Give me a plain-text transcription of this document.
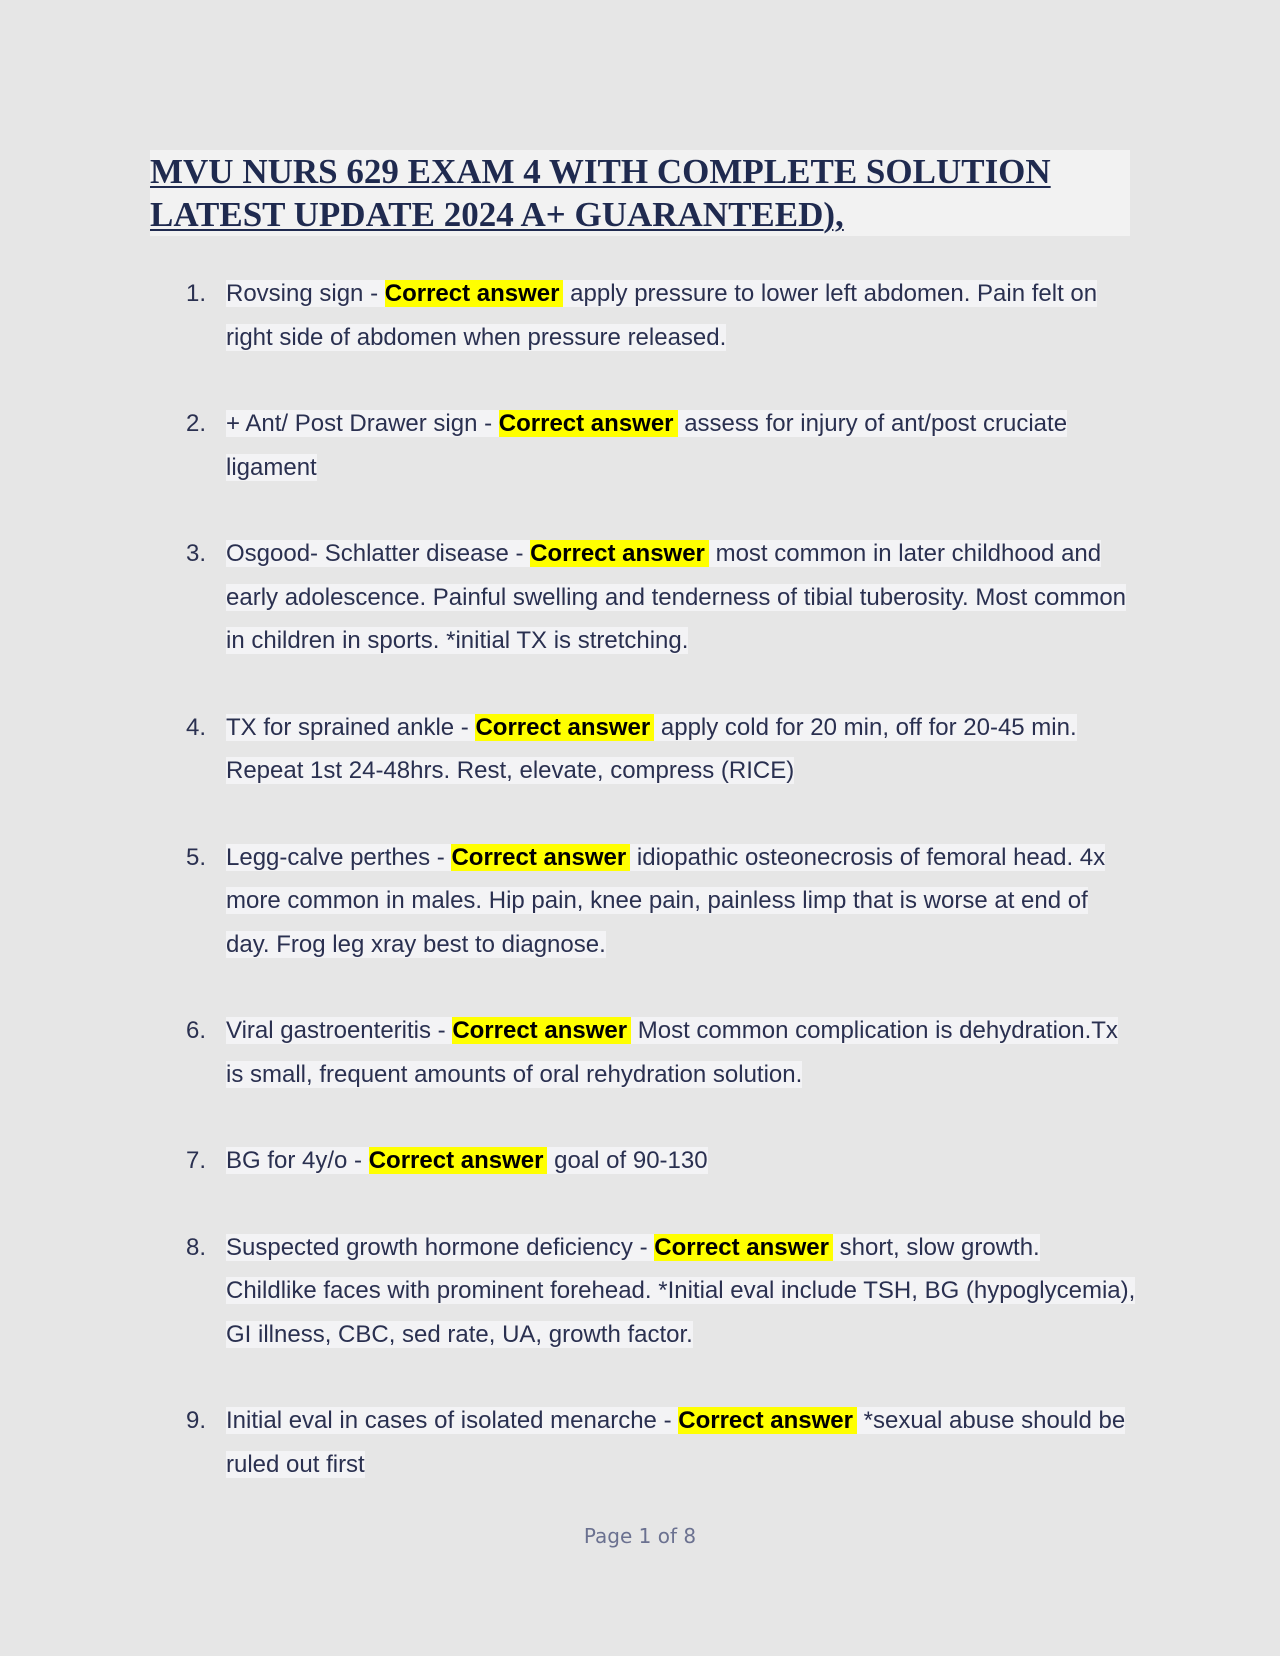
MVU NURS 629 EXAM 4 WITH COMPLETE SOLUTION
LATEST UPDATE 2024 A+ GUARANTEED),
1. Rovsing sign - Correct answer apply pressure to lower left abdomen. Pain felt on right side of abdomen when pressure released.
2. + Ant/ Post Drawer sign - Correct answer assess for injury of ant/post cruciate ligament
3. Osgood- Schlatter disease - Correct answer most common in later childhood and early adolescence. Painful swelling and tenderness of tibial tuberosity. Most common in children in sports. *initial TX is stretching.
4. TX for sprained ankle - Correct answer apply cold for 20 min, off for 20-45 min. Repeat 1st 24-48hrs. Rest, elevate, compress (RICE)
5. Legg-calve perthes - Correct answer idiopathic osteonecrosis of femoral head. 4x more common in males. Hip pain, knee pain, painless limp that is worse at end of day. Frog leg xray best to diagnose.
6. Viral gastroenteritis - Correct answer Most common complication is dehydration.Tx is small, frequent amounts of oral rehydration solution.
7. BG for 4y/o - Correct answer goal of 90-130
8. Suspected growth hormone deficiency - Correct answer short, slow growth. Childlike faces with prominent forehead. *Initial eval include TSH, BG (hypoglycemia), GI illness, CBC, sed rate, UA, growth factor.
9. Initial eval in cases of isolated menarche - Correct answer *sexual abuse should be ruled out first
Page 1 of 8
